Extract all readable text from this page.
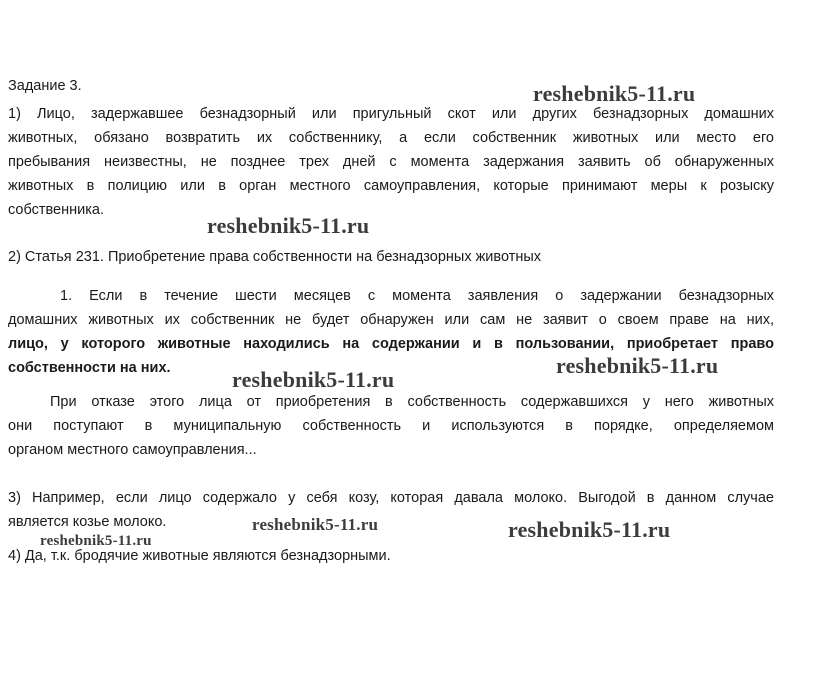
Задание 3.
1) Лицо, задержавшее безнадзорный или пригульный скот или других безнадзорных домашних
животных, обязано возвратить их собственнику, а если собственник животных или место его
пребывания неизвестны, не позднее трех дней с момента задержания заявить об обнаруженных
животных в полицию или в орган местного самоуправления, которые принимают меры к розыску
собственника.
2) Статья 231. Приобретение права собственности на безнадзорных животных
1. Если в течение шести месяцев с момента заявления о задержании безнадзорных
домашних животных их собственник не будет обнаружен или сам не заявит о своем праве на них,
лицо, у которого животные находились на содержании и в пользовании, приобретает право
собственности на них.
При отказе этого лица от приобретения в собственность содержавшихся у него животных
они поступают в муниципальную собственность и используются в порядке, определяемом
органом местного самоуправления...
3) Например, если лицо содержало у себя козу, которая давала молоко. Выгодой в данном случае
является козье молоко.
4) Да, т.к. бродячие животные являются безнадзорными.
reshebnik5-11.ru
reshebnik5-11.ru
reshebnik5-11.ru
reshebnik5-11.ru
reshebnik5-11.ru
reshebnik5-11.ru
reshebnik5-11.ru
